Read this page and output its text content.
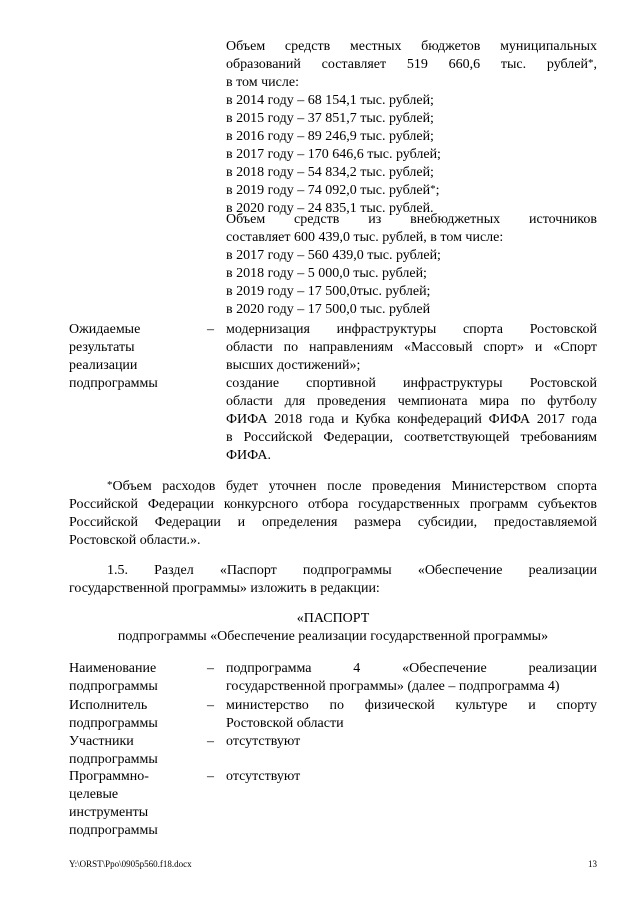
Объем средств местных бюджетов муниципальных
образований составляет 519 660,6 тыс. рублей*,
в том числе:
в 2014 году – 68 154,1 тыс. рублей;
в 2015 году – 37 851,7 тыс. рублей;
в 2016 году – 89 246,9 тыс. рублей;
в 2017 году – 170 646,6 тыс. рублей;
в 2018 году – 54 834,2 тыс. рублей;
в 2019 году – 74 092,0 тыс. рублей*;
в 2020 году – 24 835,1 тыс. рублей.
Объем средств из внебюджетных источников
составляет 600 439,0 тыс. рублей, в том числе:
в 2017 году – 560 439,0 тыс. рублей;
в 2018 году – 5 000,0 тыс. рублей;
в 2019 году – 17 500,0тыс. рублей;
в 2020 году – 17 500,0 тыс. рублей
Ожидаемые
результаты
реализации
подпрограммы
– модернизация инфраструктуры спорта Ростовской
области по направлениям «Массовый спорт» и «Спорт
высших достижений»;
создание спортивной инфраструктуры Ростовской
области для проведения чемпионата мира по футболу
ФИФА 2018 года и Кубка конфедераций ФИФА 2017 года
в Российской Федерации, соответствующей требованиям
ФИФА.
*Объем расходов будет уточнен после проведения Министерством спорта
Российской Федерации конкурсного отбора государственных программ субъектов
Российской Федерации и определения размера субсидии, предоставляемой
Ростовской области.».
1.5. Раздел «Паспорт подпрограммы «Обеспечение реализации
государственной программы» изложить в редакции:
«ПАСПОРТ
подпрограммы «Обеспечение реализации государственной программы»
Наименование
подпрограммы
– подпрограмма 4 «Обеспечение реализации
государственной программы» (далее – подпрограмма 4)
Исполнитель
подпрограммы
– министерство по физической культуре и спорту
Ростовской области
Участники
подпрограммы
– отсутствуют
Программно-
целевые
инструменты
подпрограммы
– отсутствуют
Y:\ORST\Ppo\0905p560.f18.docx	13
